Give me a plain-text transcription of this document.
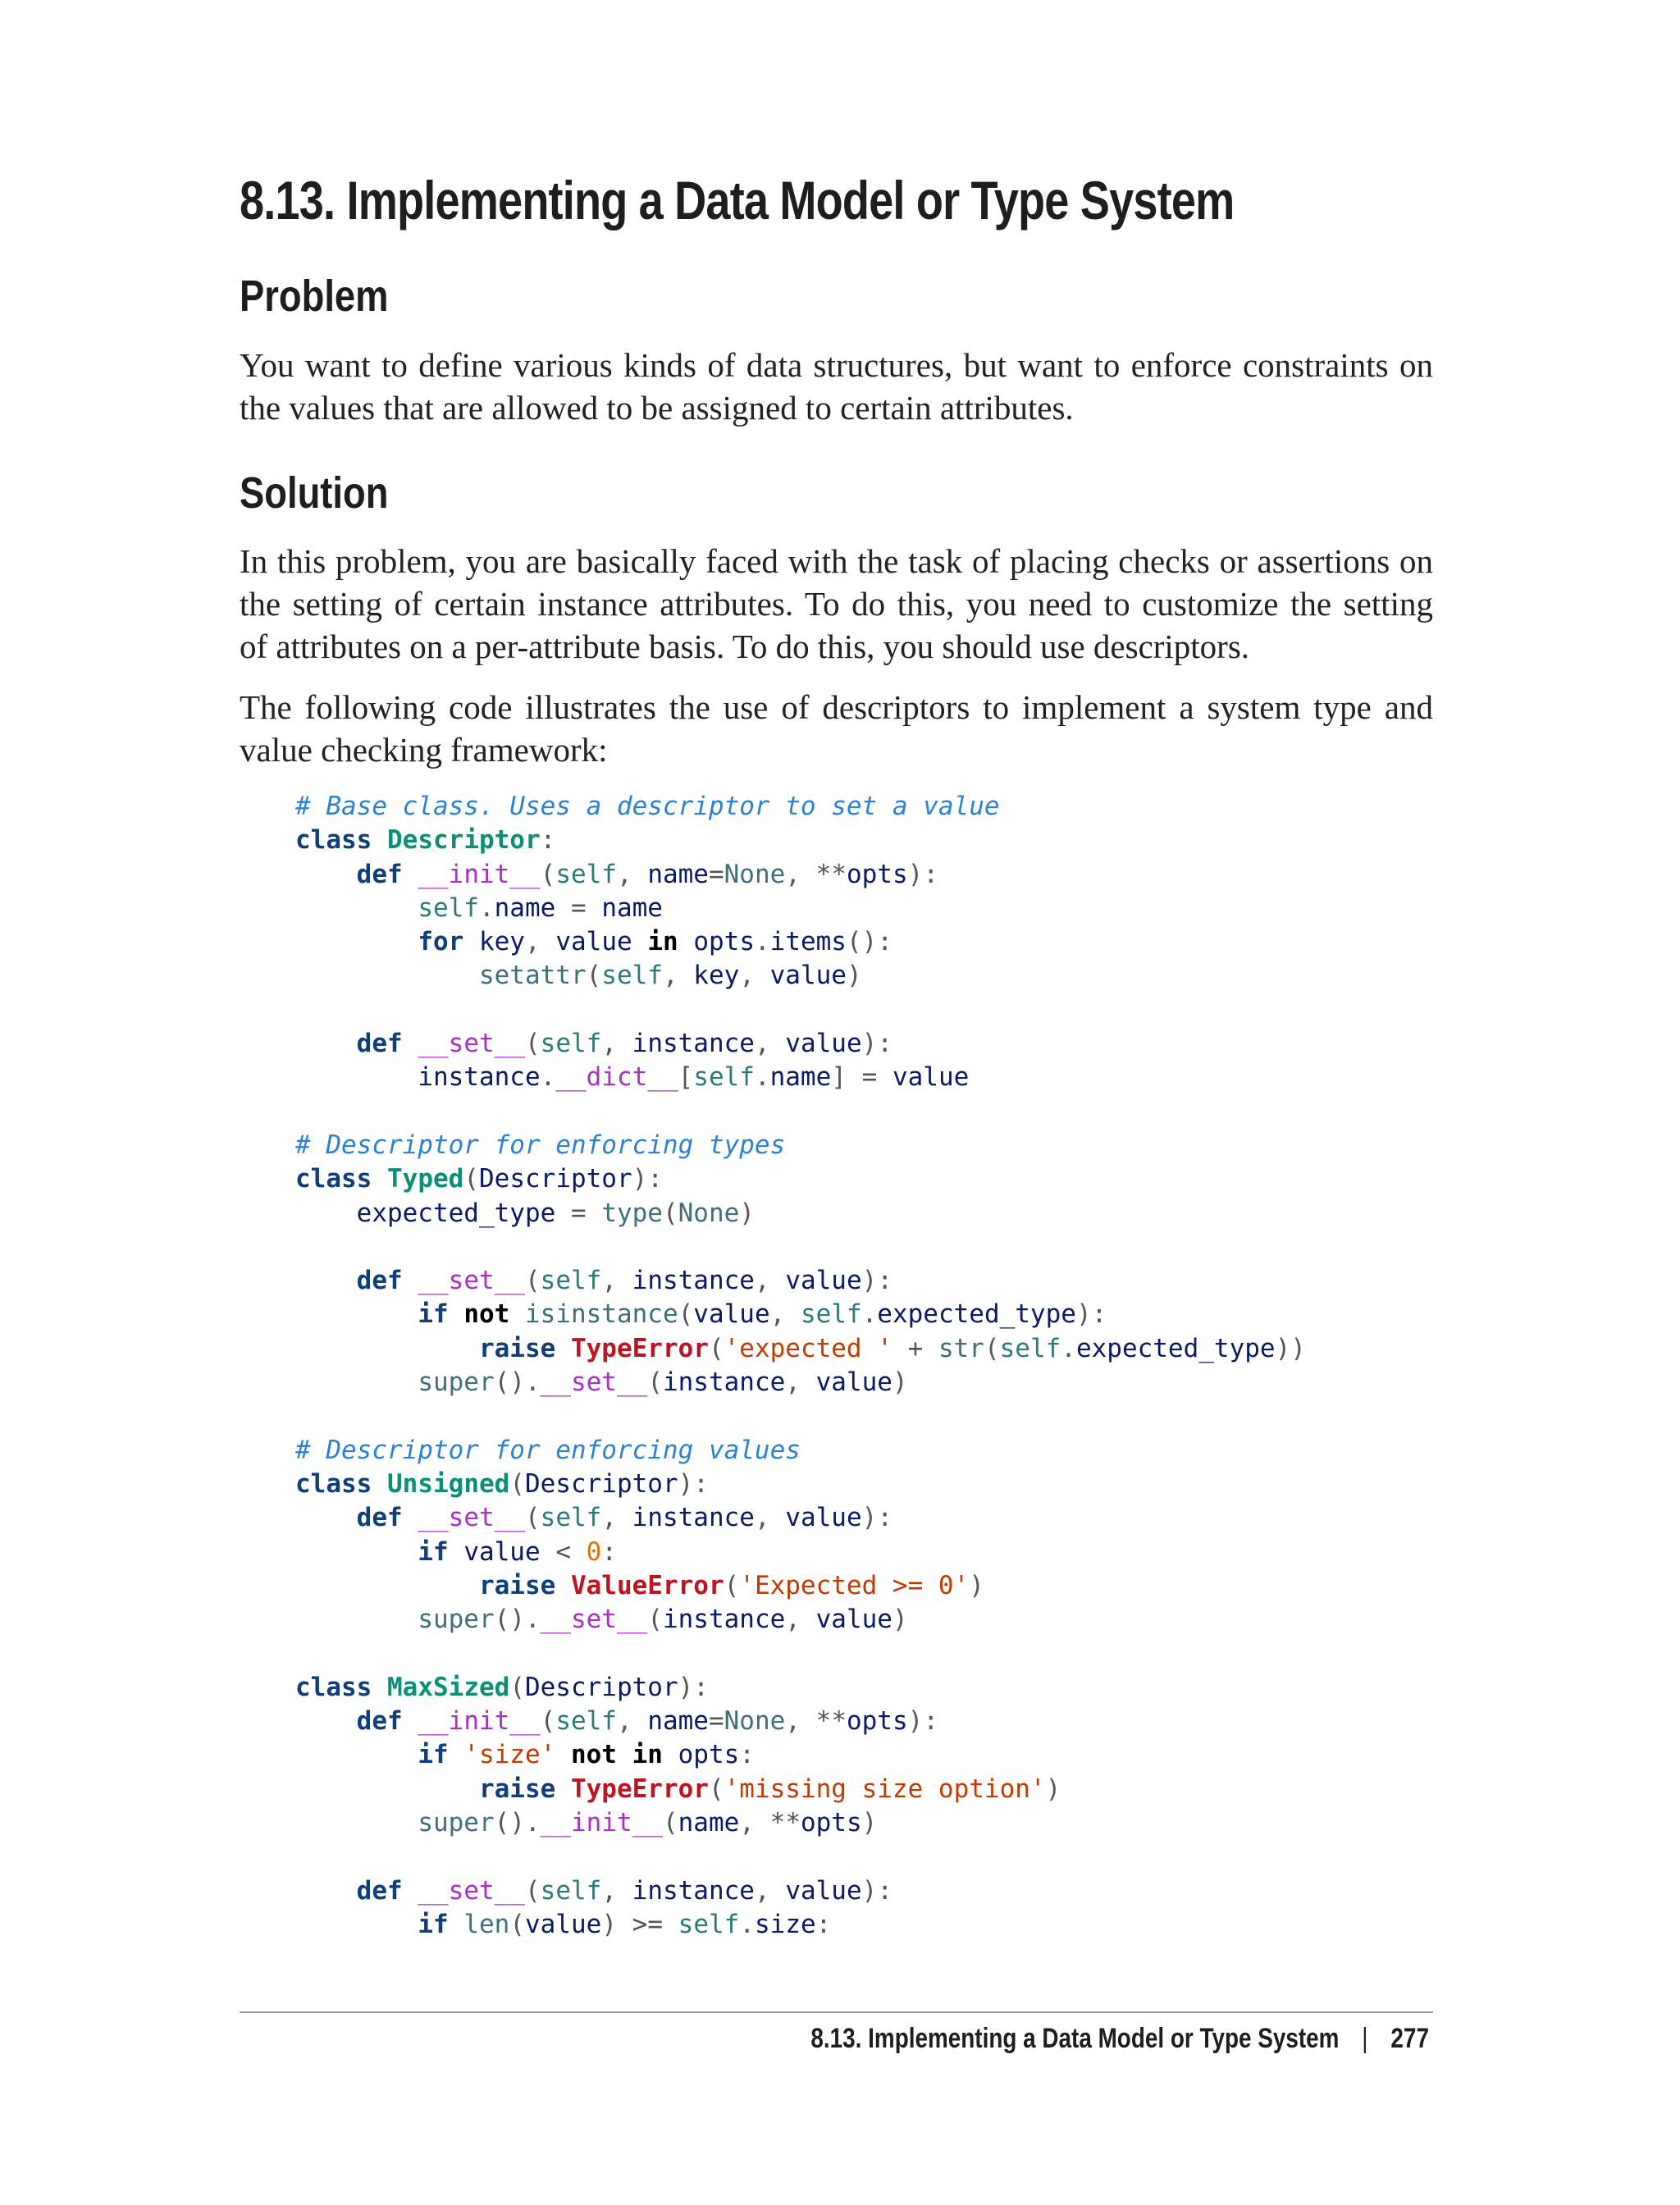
8.13. Implementing a Data Model or Type System
Problem
You want to define various kinds of data structures, but want to enforce constraints on
the values that are allowed to be assigned to certain attributes.
Solution
In this problem, you are basically faced with the task of placing checks or assertions on
the setting of certain instance attributes. To do this, you need to customize the setting
of attributes on a per-attribute basis. To do this, you should use descriptors.
The following code illustrates the use of descriptors to implement a system type and
value checking framework:
# Base class. Uses a descriptor to set a value
class Descriptor:
def __init__(self, name=None, **opts):
self.name = name
for key, value in opts.items():
setattr(self, key, value)

def __set__(self, instance, value):
instance.__dict__[self.name] = value

# Descriptor for enforcing types
class Typed(Descriptor):
expected_type = type(None)

def __set__(self, instance, value):
if not isinstance(value, self.expected_type):
raise TypeError('expected ' + str(self.expected_type))
super().__set__(instance, value)

# Descriptor for enforcing values
class Unsigned(Descriptor):
def __set__(self, instance, value):
if value < 0:
raise ValueError('Expected >= 0')
super().__set__(instance, value)

class MaxSized(Descriptor):
def __init__(self, name=None, **opts):
if 'size' not in opts:
raise TypeError('missing size option')
super().__init__(name, **opts)

def __set__(self, instance, value):
if len(value) >= self.size:
8.13. Implementing a Data Model or Type System | 277
